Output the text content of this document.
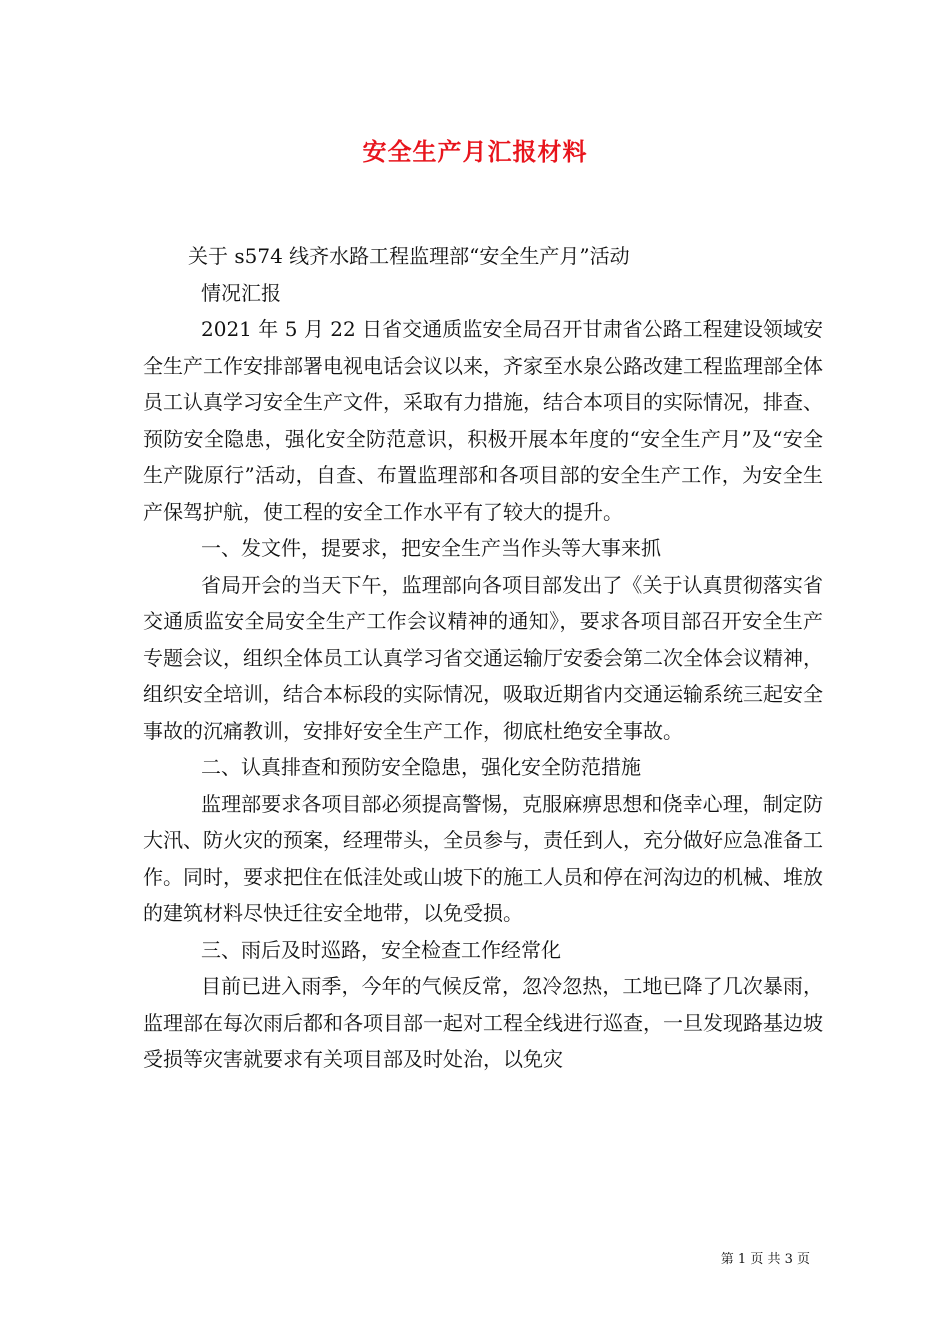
安全生产月汇报材料

关于 s574 线齐水路工程监理部“安全生产月”活动

情况汇报

2021 年 5 月 22 日省交通质监安全局召开甘肃省公路工程建设领域安全生产工作安排部署电视电话会议以来，齐家至水泉公路改建工程监理部全体员工认真学习安全生产文件，采取有力措施，结合本项目的实际情况，排查、预防安全隐患，强化安全防范意识，积极开展本年度的“安全生产月”及“安全生产陇原行”活动，自查、布置监理部和各项目部的安全生产工作，为安全生产保驾护航，使工程的安全工作水平有了较大的提升。

一、发文件，提要求，把安全生产当作头等大事来抓

省局开会的当天下午，监理部向各项目部发出了《关于认真贯彻落实省交通质监安全局安全生产工作会议精神的通知》，要求各项目部召开安全生产专题会议，组织全体员工认真学习省交通运输厅安委会第二次全体会议精神，组织安全培训，结合本标段的实际情况，吸取近期省内交通运输系统三起安全事故的沉痛教训，安排好安全生产工作，彻底杜绝安全事故。

二、认真排查和预防安全隐患，强化安全防范措施

监理部要求各项目部必须提高警惕，克服麻痹思想和侥幸心理，制定防大汛、防火灾的预案，经理带头，全员参与，责任到人，充分做好应急准备工作。同时，要求把住在低洼处或山坡下的施工人员和停在河沟边的机械、堆放的建筑材料尽快迁往安全地带，以免受损。

三、雨后及时巡路，安全检查工作经常化

目前已进入雨季，今年的气候反常，忽冷忽热，工地已降了几次暴雨，监理部在每次雨后都和各项目部一起对工程全线进行巡查，一旦发现路基边坡受损等灾害就要求有关项目部及时处治，以免灾

第 1 页 共 3 页
